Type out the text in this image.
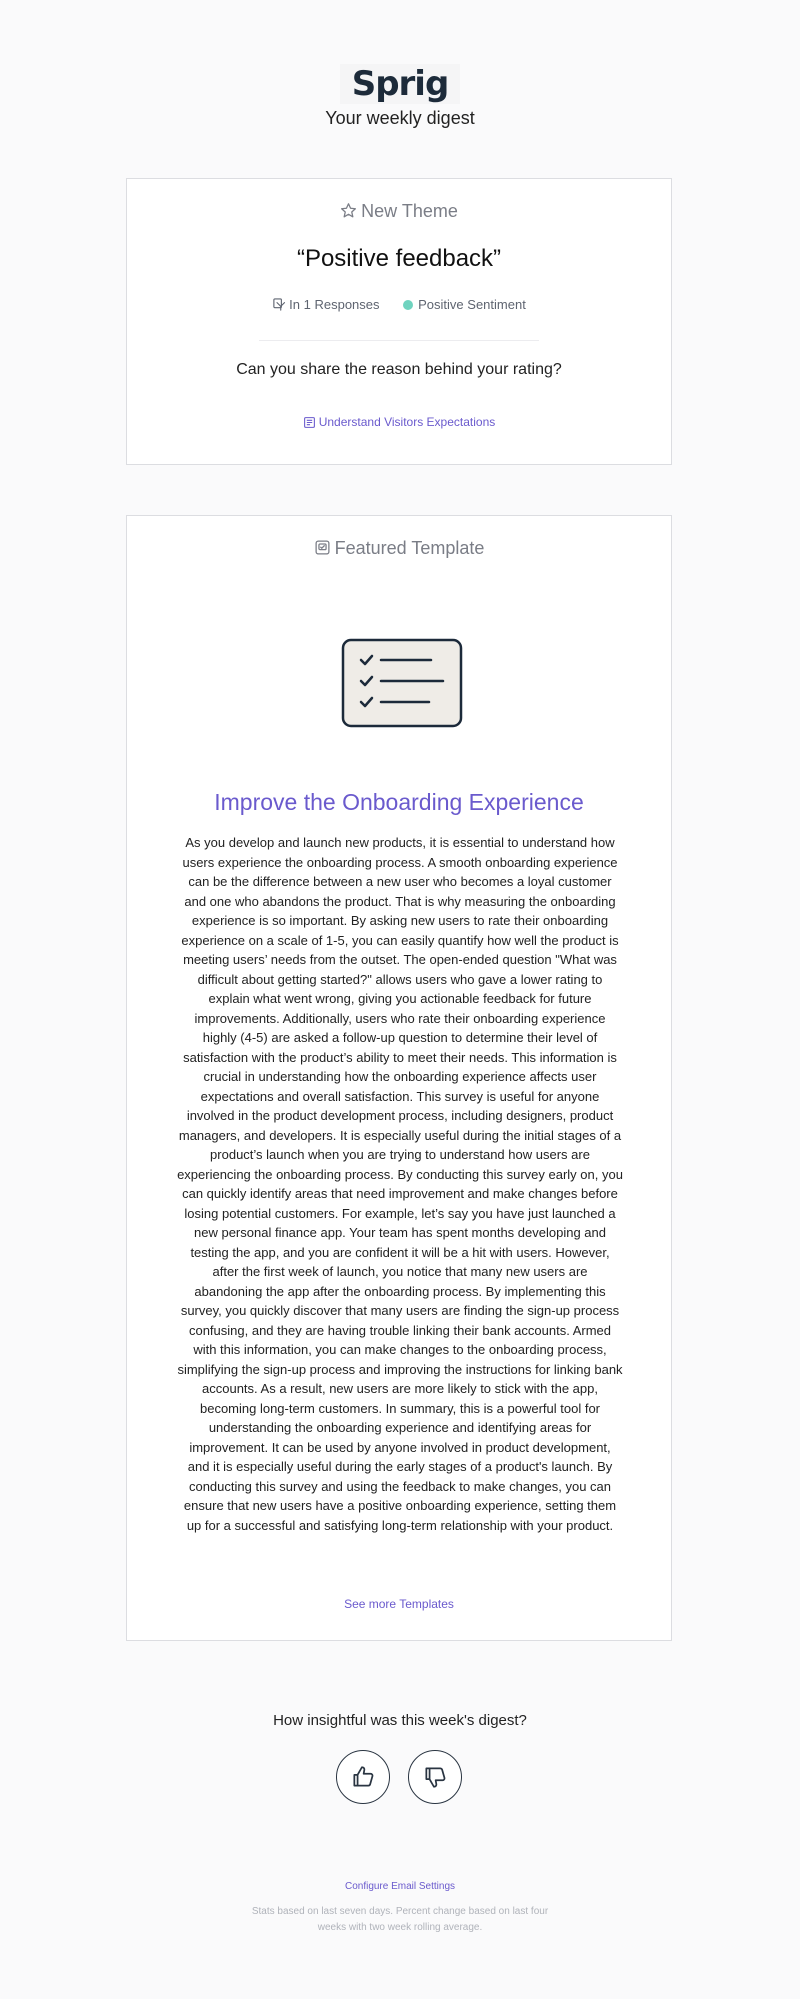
Sprig
Your weekly digest
New Theme
“Positive feedback”
In 1 Responses	Positive Sentiment
Can you share the reason behind your rating?
Understand Visitors Expectations
Featured Template
Improve the Onboarding Experience

As you develop and launch new products, it is essential to understand how users experience the onboarding process. A smooth onboarding experience can be the difference between a new user who becomes a loyal customer and one who abandons the product. That is why measuring the onboarding experience is so important. By asking new users to rate their onboarding experience on a scale of 1-5, you can easily quantify how well the product is meeting users’ needs from the outset. The open-ended question "What was difficult about getting started?" allows users who gave a lower rating to explain what went wrong, giving you actionable feedback for future improvements. Additionally, users who rate their onboarding experience highly (4-5) are asked a follow-up question to determine their level of satisfaction with the product’s ability to meet their needs. This information is crucial in understanding how the onboarding experience affects user expectations and overall satisfaction. This survey is useful for anyone involved in the product development process, including designers, product managers, and developers. It is especially useful during the initial stages of a product’s launch when you are trying to understand how users are experiencing the onboarding process. By conducting this survey early on, you can quickly identify areas that need improvement and make changes before losing potential customers. For example, let’s say you have just launched a new personal finance app. Your team has spent months developing and testing the app, and you are confident it will be a hit with users. However, after the first week of launch, you notice that many new users are abandoning the app after the onboarding process. By implementing this survey, you quickly discover that many users are finding the sign-up process confusing, and they are having trouble linking their bank accounts. Armed with this information, you can make changes to the onboarding process, simplifying the sign-up process and improving the instructions for linking bank accounts. As a result, new users are more likely to stick with the app, becoming long-term customers. In summary, this is a powerful tool for understanding the onboarding experience and identifying areas for improvement. It can be used by anyone involved in product development, and it is especially useful during the early stages of a product's launch. By conducting this survey and using the feedback to make changes, you can ensure that new users have a positive onboarding experience, setting them up for a successful and satisfying long-term relationship with your product.

See more Templates
How insightful was this week's digest?
Configure Email Settings
Stats based on last seven days. Percent change based on last four weeks with two week rolling average.
